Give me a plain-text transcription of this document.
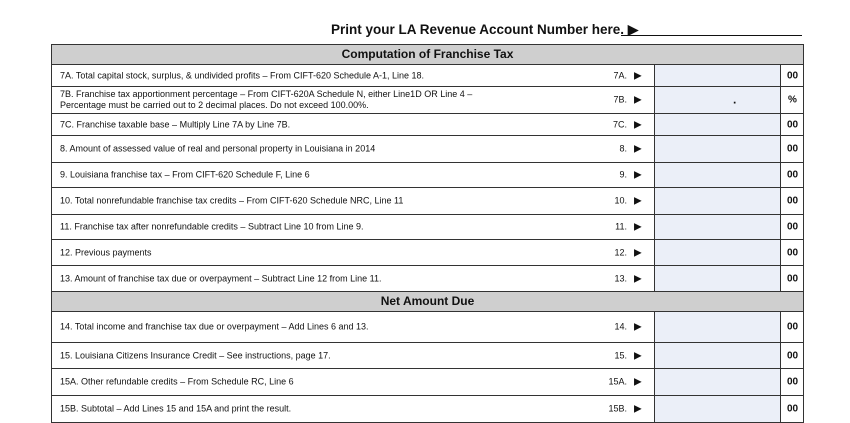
Print your LA Revenue Account Number here. ▶
Computation of Franchise Tax
7A. Total capital stock, surplus, & undivided profits – From CIFT-620 Schedule A-1, Line 18.	7A. ▶	00
7B. Franchise tax apportionment percentage – From CIFT-620A Schedule N, either Line1D OR Line 4 –
Percentage must be carried out to 2 decimal places. Do not exceed 100.00%.
7B. ▶	.	%
7C. Franchise taxable base – Multiply Line 7A by Line 7B.	7C. ▶	00
8. Amount of assessed value of real and personal property in Louisiana in 2014	8. ▶	00
9. Louisiana franchise tax – From CIFT-620 Schedule F, Line 6	9. ▶	00
10. Total nonrefundable franchise tax credits – From CIFT-620 Schedule NRC, Line 11	10. ▶	00
11. Franchise tax after nonrefundable credits – Subtract Line 10 from Line 9.	11. ▶	00
12. Previous payments	12. ▶	00
13. Amount of franchise tax due or overpayment – Subtract Line 12 from Line 11.	13. ▶	00
Net Amount Due
14. Total income and franchise tax due or overpayment – Add Lines 6 and 13.	14. ▶	00
15. Louisiana Citizens Insurance Credit – See instructions, page 17.	15. ▶	00
15A. Other refundable credits – From Schedule RC, Line 6	15A. ▶	00
15B. Subtotal – Add Lines 15 and 15A and print the result.	15B. ▶	00
